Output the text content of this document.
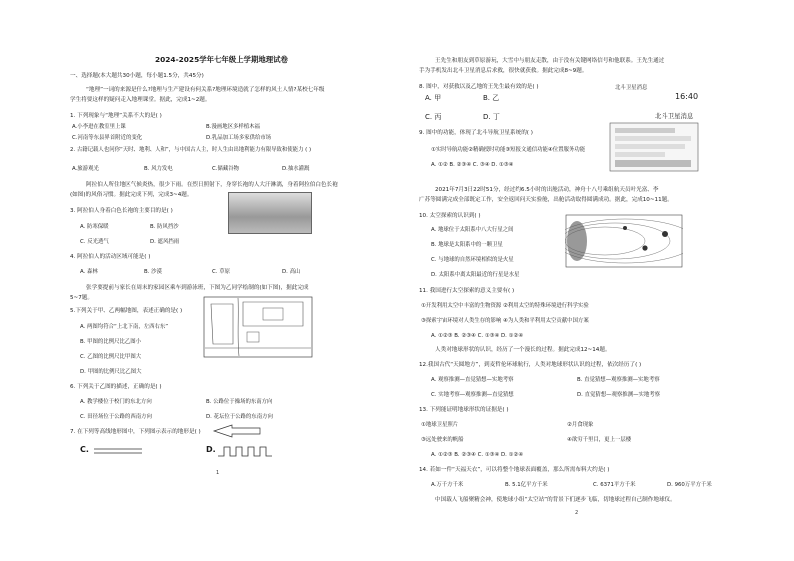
2024-2025学年七年级上学期地理试卷
一、选择题(本大题共30小题，每小题1.5分，共45分)
“地理”一词的来源是什么?地理与生产建设有何关系?地理环境造就了怎样的风土人情?某校七年级
学生将要这样的疑问走入地理课堂。据此，完成1~2题。
1. 下列现象与“地理”关系不大的是( )
A.小李进在教室里上课	B.漫画地区多样植木福
C.河南等东县界首附近的变化	D.乳品加工场多家供给市场
2. 古籍记载人也问你“天时、地利、人和”，与中国古人主，时人生由出地利能力有限导致和使能力 ( )
A.旅游观光	B. 风力发电	C.储藏谷物	D.抽水灌溉
阿拉伯人所住地区气候炎热，很少下雨。在烈日照射下，身穿长袍的人大汗淋漓，身着阿拉伯白色长袍
(如图)的风俗习惯。据此完成下列，完成3~4题。
3. 阿拉伯人身着白色长袍的主要目的是( )
A. 防寒保暖	B. 防风挡沙
C. 反光透气	D. 遮风挡雨
4. 阿拉伯人的活动区域可能是( )
A. 森林	B. 沙漠	C. 草原	D. 高山
张学要提前与家长在周末的家园区乘车到游泳班，下图为乙同学绘制的(如下图)，据此完成
5~7题。
5.下列关于甲、乙两幅地图，表述正确的是( )
A. 两图均符合“上北下南，左西右东”
B. 甲图的比例尺比乙图小
C. 乙图的比例尺比甲图大
D. 甲图的比例尺比乙图大
6. 下列关于乙图的描述，正确的是( )
A. 教学楼位于校门的东北方向	B. 公路位于操场的东南方向
C. 田径场位于公路的西南方向	D. 花坛位于公路的东南方向
7. 在下列等高线地形图中，下列图示表示的地形是( )
C.	D.
1
王先生和朋友到草原游玩，大雪中与朋友走散，由于没有关键网络信号和他联系。王先生通过
手为手机发出北斗卫星消息后求救，很快就获救。据此完成8~9题。
8. 图中，对获救以及乙地的王先生最有效的是( )	北斗卫星消息
16:40
A. 甲	B. 乙
C. 丙	D. 丁	北斗卫星消息
9. 图中的功能，体现了北斗导航卫星系统的( )
①实时导航功能②精确授时功能③短报文通信功能④位置服务功能
A. ①② B. ②③④ C. ③④ D. ①③④
2021年7月3日22时51分，经过约6.5小时的出舱活动，神舟十八号乘组航天员叶光富、李
广苏等圆满完成全部既定工作，安全返回问天实验舱，出舱活动取得圆满成功。据此，完成10~11题。
10. 太空探索的认识到( )
A. 地球位于太阳系中八大行星之间
B. 地球是太阳系中的一颗卫星
C. 与地球的自然环境相似的是火星
D. 太阳系中离太阳最近的行星是水星
11. 我国进行太空探索的意义主要有( )
①开发利用太空中丰富的生物资源 ②利用太空的特殊环境进行科学实验
③探索宇宙环境对人类生存的影响 ④为人类和平利用太空贡献中国方案
A. ①②③ B. ②③④ C. ①③④ D. ①②④
人类对地球形状的认识，经历了一个漫长的过程。据此完成12~14题。
12.我国古代“天圆地方”，到麦哲伦环球航行，人类对地球形状认识的过程，依次经历了( )
A. 观察推测—直觉猜想—实地考察	B. 直觉猜想—观察推测—实地考察
C. 实地考察—观察推测—直觉猜想	D. 直觉猜想—观察推测—实地考察
13. 下列能证明地球形状的证据是( )
①地球卫星照片	②月食现象
③远处驶来的帆船	④欲穷千里目，更上一层楼
A. ①②③ B. ②③④ C. ①③④ D. ①②④
14. 若如一件“天福天衣”，可以将整个地球表面覆盖，那么所需布料大约是( )
A.万千方千米	B. 5.1亿平方千米	C. 6371平方千米	D. 960万平方千米
中国载人飞船聚精会神，使地球小组“太空站”的背景下们逐步飞临，切地球过程自己制作地球仪。
2
